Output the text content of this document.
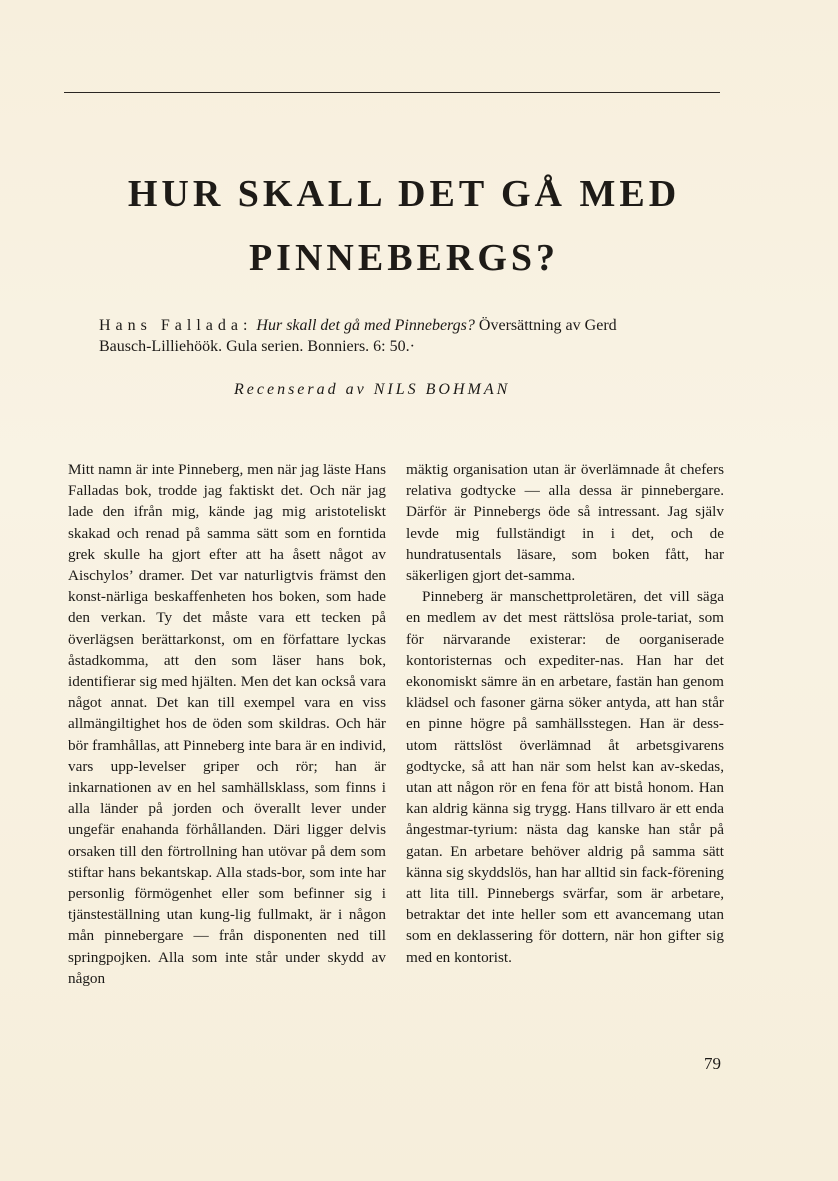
HUR SKALL DET GÅ MED
PINNEBERGS?
Hans Fallada: Hur skall det gå med Pinnebergs? Översättning av Gerd
Bausch-Lilliehöök. Gula serien. Bonniers. 6: 50.·
Recenserad av NILS BOHMAN

Mitt namn är inte Pinneberg, men när jag läste Hans Falladas bok, trodde jag faktiskt det. Och när jag lade den ifrån mig, kände jag mig aristoteliskt skakad och renad på samma sätt som en forntida grek skulle ha gjort efter att ha åsett något av Aischylos’ dramer. Det var naturligtvis främst den konst-närliga beskaffenheten hos boken, som hade den verkan. Ty det måste vara ett tecken på överlägsen berättarkonst, om en författare lyckas åstadkomma, att den som läser hans bok, identifierar sig med hjälten. Men det kan också vara något annat. Det kan till exempel vara en viss allmängiltighet hos de öden som skildras. Och här bör framhållas, att Pinneberg inte bara är en individ, vars upp-levelser griper och rör; han är inkarnationen av en hel samhällsklass, som finns i alla länder på jorden och överallt lever under ungefär enahanda förhållanden. Däri ligger delvis orsaken till den förtrollning han utövar på dem som stiftar hans bekantskap. Alla stads-bor, som inte har personlig förmögenhet eller som befinner sig i tjänsteställning utan kung-lig fullmakt, är i någon mån pinnebergare — från disponenten ned till springpojken. Alla som inte står under skydd av någon

mäktig organisation utan är överlämnade åt chefers relativa godtycke — alla dessa är pinnebergare. Därför är Pinnebergs öde så intressant. Jag själv levde mig fullständigt in i det, och de hundratusentals läsare, som boken fått, har säkerligen gjort det-samma.

Pinneberg är manschettproletären, det vill säga en medlem av det mest rättslösa prole-tariat, som för närvarande existerar: de oorganiserade kontoristernas och expediter-nas. Han har det ekonomiskt sämre än en arbetare, fastän han genom klädsel och fasoner gärna söker antyda, att han står en pinne högre på samhällsstegen. Han är dess-utom rättslöst överlämnad åt arbetsgivarens godtycke, så att han när som helst kan av-skedas, utan att någon rör en fena för att bistå honom. Han kan aldrig känna sig trygg. Hans tillvaro är ett enda ångestmar-tyrium: nästa dag kanske han står på gatan. En arbetare behöver aldrig på samma sätt känna sig skyddslös, han har alltid sin fack-förening att lita till. Pinnebergs svärfar, som är arbetare, betraktar det inte heller som ett avancemang utan som en deklassering för dottern, när hon gifter sig med en kontorist.

79
